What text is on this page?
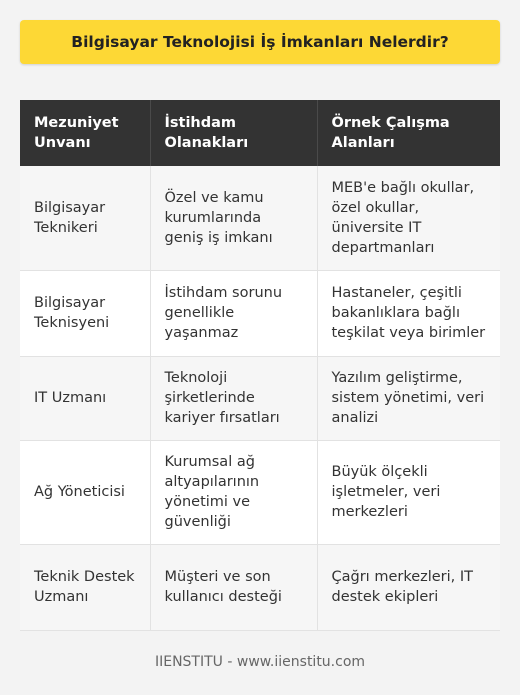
Bilgisayar Teknolojisi İş İmkanları Nelerdir?
Mezuniyet Unvanı	İstihdam Olanakları	Örnek Çalışma Alanları
Bilgisayar Teknikeri	Özel ve kamu kurumlarında geniş iş imkanı	MEB'e bağlı okullar, özel okullar, üniversite IT departmanları
Bilgisayar Teknisyeni	İstihdam sorunu genellikle yaşanmaz	Hastaneler, çeşitli bakanlıklara bağlı teşkilat veya birimler
IT Uzmanı	Teknoloji şirketlerinde kariyer fırsatları	Yazılım geliştirme, sistem yönetimi, veri analizi
Ağ Yöneticisi	Kurumsal ağ altyapılarının yönetimi ve güvenliği	Büyük ölçekli işletmeler, veri merkezleri
Teknik Destek Uzmanı	Müşteri ve son kullanıcı desteği	Çağrı merkezleri, IT destek ekipleri
IIENSTITU - www.iienstitu.com
